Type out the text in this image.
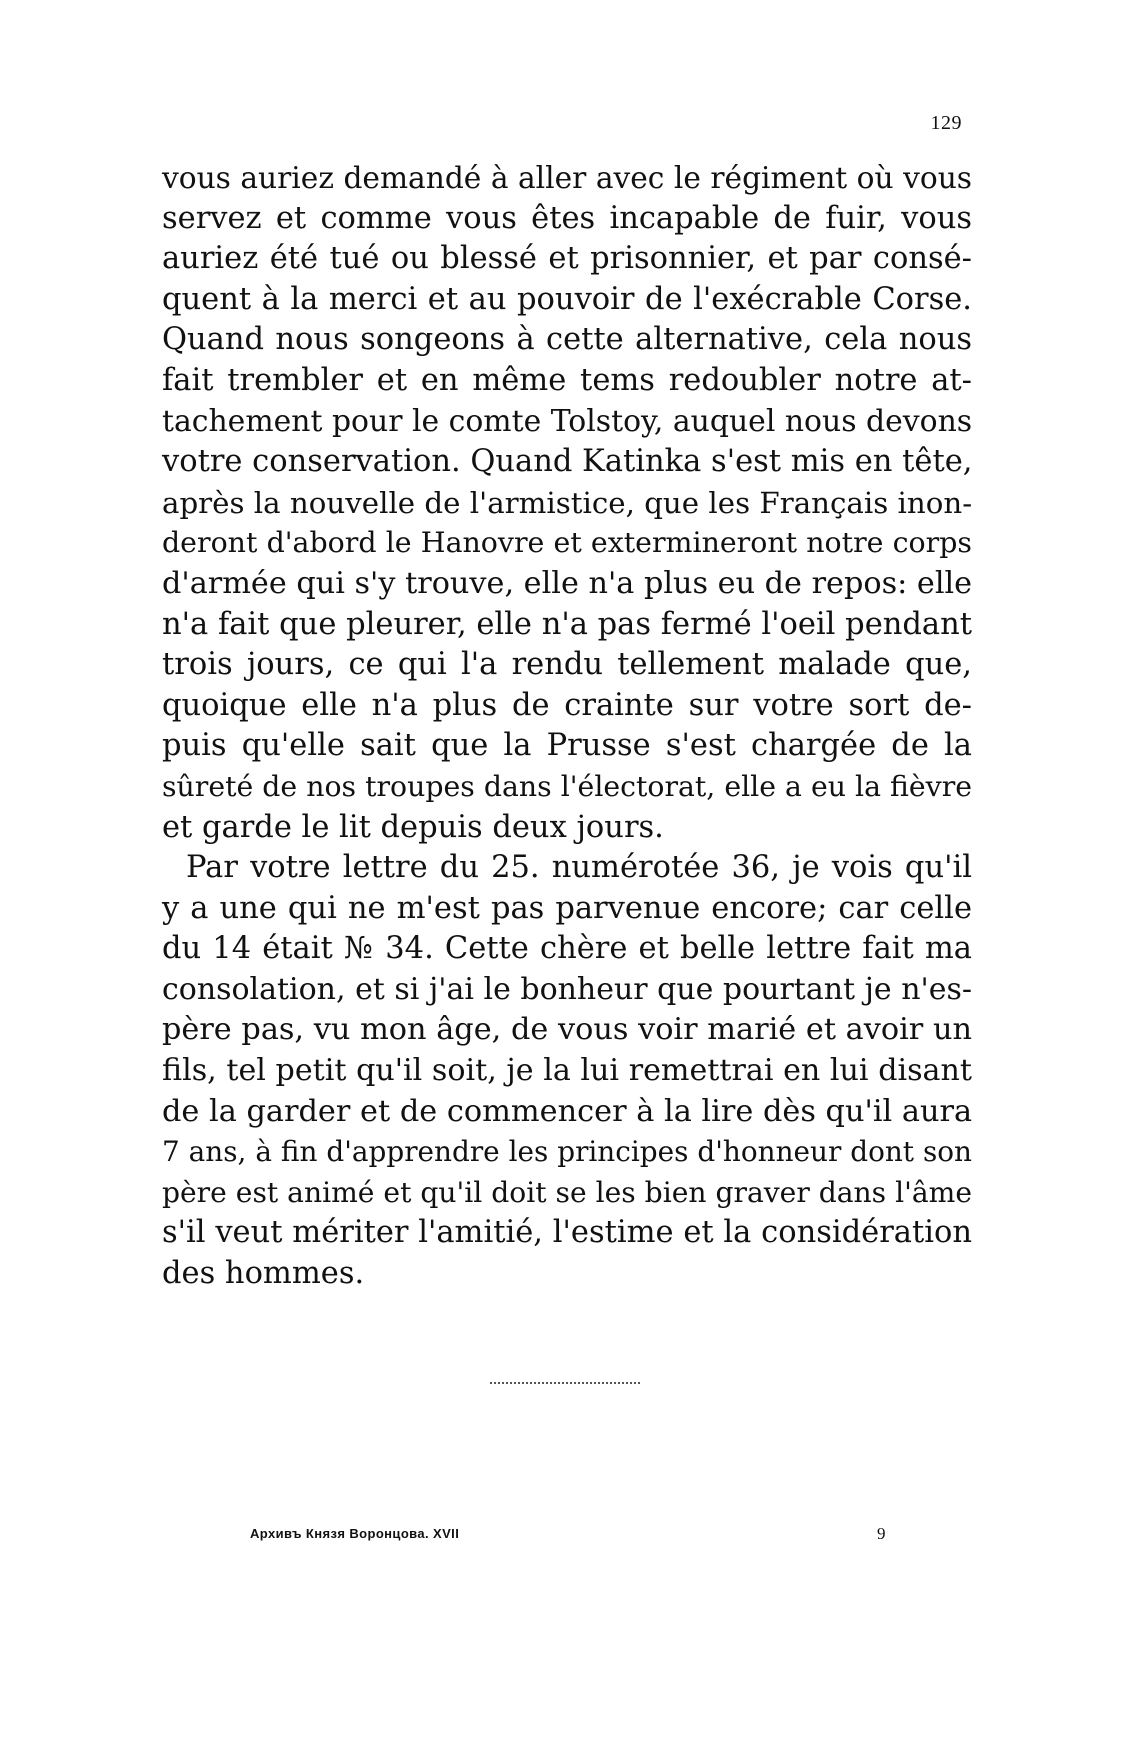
129
vous auriez demandé à aller avec le régiment où vous
servez et comme vous êtes incapable de fuir, vous
auriez été tué ou blessé et prisonnier, et par consé-
quent à la merci et au pouvoir de l'exécrable Corse.
Quand nous songeons à cette alternative, cela nous
fait trembler et en même tems redoubler notre at-
tachement pour le comte Tolstoy, auquel nous devons
votre conservation. Quand Katinka s'est mis en tête,
après la nouvelle de l'armistice, que les Français inon-
deront d'abord le Hanovre et extermineront notre corps
d'armée qui s'y trouve, elle n'a plus eu de repos: elle
n'a fait que pleurer, elle n'a pas fermé l'oeil pendant
trois jours, ce qui l'a rendu tellement malade que,
quoique elle n'a plus de crainte sur votre sort de-
puis qu'elle sait que la Prusse s'est chargée de la
sûreté de nos troupes dans l'électorat, elle a eu la fièvre
et garde le lit depuis deux jours.
Par votre lettre du 25. numérotée 36, je vois qu'il
y a une qui ne m'est pas parvenue encore; car celle
du 14 était № 34. Cette chère et belle lettre fait ma
consolation, et si j'ai le bonheur que pourtant je n'es-
père pas, vu mon âge, de vous voir marié et avoir un
fils, tel petit qu'il soit, je la lui remettrai en lui disant
de la garder et de commencer à la lire dès qu'il aura
7 ans, à fin d'apprendre les principes d'honneur dont son
père est animé et qu'il doit se les bien graver dans l'âme
s'il veut mériter l'amitié, l'estime et la considération
des hommes.
Архивъ Князя Воронцова. XVII	9
